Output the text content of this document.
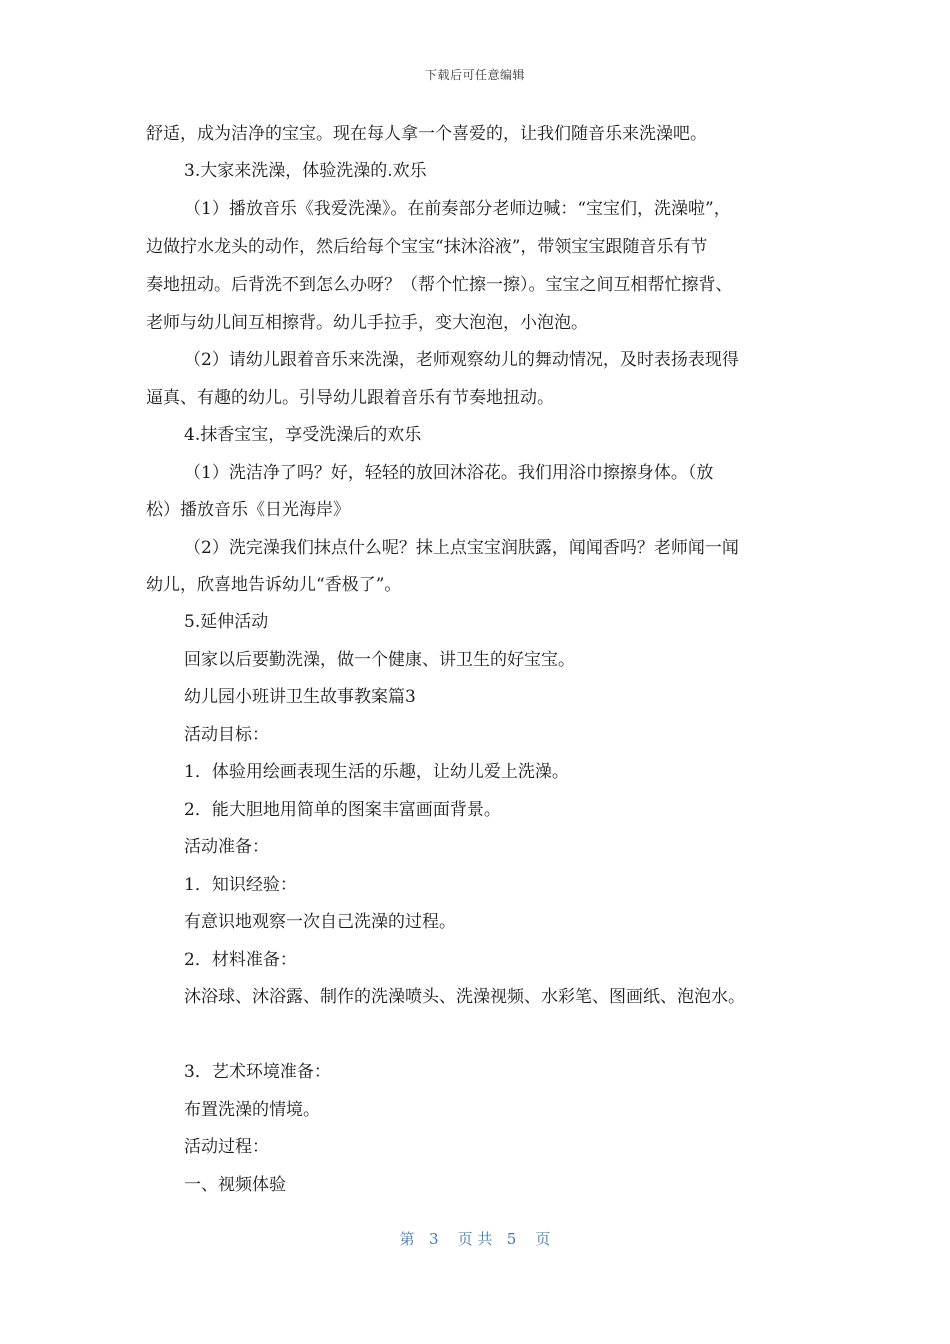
下载后可任意编辑
舒适，成为洁净的宝宝。现在每人拿一个喜爱的，让我们随音乐来洗澡吧。
3.大家来洗澡，体验洗澡的.欢乐
（1）播放音乐《我爱洗澡》。在前奏部分老师边喊：“宝宝们，洗澡啦”，
边做拧水龙头的动作，然后给每个宝宝“抹沐浴液”，带领宝宝跟随音乐有节
奏地扭动。后背洗不到怎么办呀？（帮个忙擦一擦）。宝宝之间互相帮忙擦背、
老师与幼儿间互相擦背。幼儿手拉手，变大泡泡，小泡泡。
（2）请幼儿跟着音乐来洗澡，老师观察幼儿的舞动情况，及时表扬表现得
逼真、有趣的幼儿。引导幼儿跟着音乐有节奏地扭动。
4.抹香宝宝，享受洗澡后的欢乐
（1）洗洁净了吗？好，轻轻的放回沐浴花。我们用浴巾擦擦身体。（放
松）播放音乐《日光海岸》
（2）洗完澡我们抹点什么呢？抹上点宝宝润肤露，闻闻香吗？老师闻一闻
幼儿，欣喜地告诉幼儿“香极了”。
5.延伸活动
回家以后要勤洗澡，做一个健康、讲卫生的好宝宝。
幼儿园小班讲卫生故事教案篇3
活动目标：
1．体验用绘画表现生活的乐趣，让幼儿爱上洗澡。
2．能大胆地用简单的图案丰富画面背景。
活动准备：
1．知识经验：
有意识地观察一次自己洗澡的过程。
2．材料准备：
沐浴球、沐浴露、制作的洗澡喷头、洗澡视频、水彩笔、图画纸、泡泡水。
3．艺术环境准备：
布置洗澡的情境。
活动过程：
一、视频体验
第 3 页 共 5 页
